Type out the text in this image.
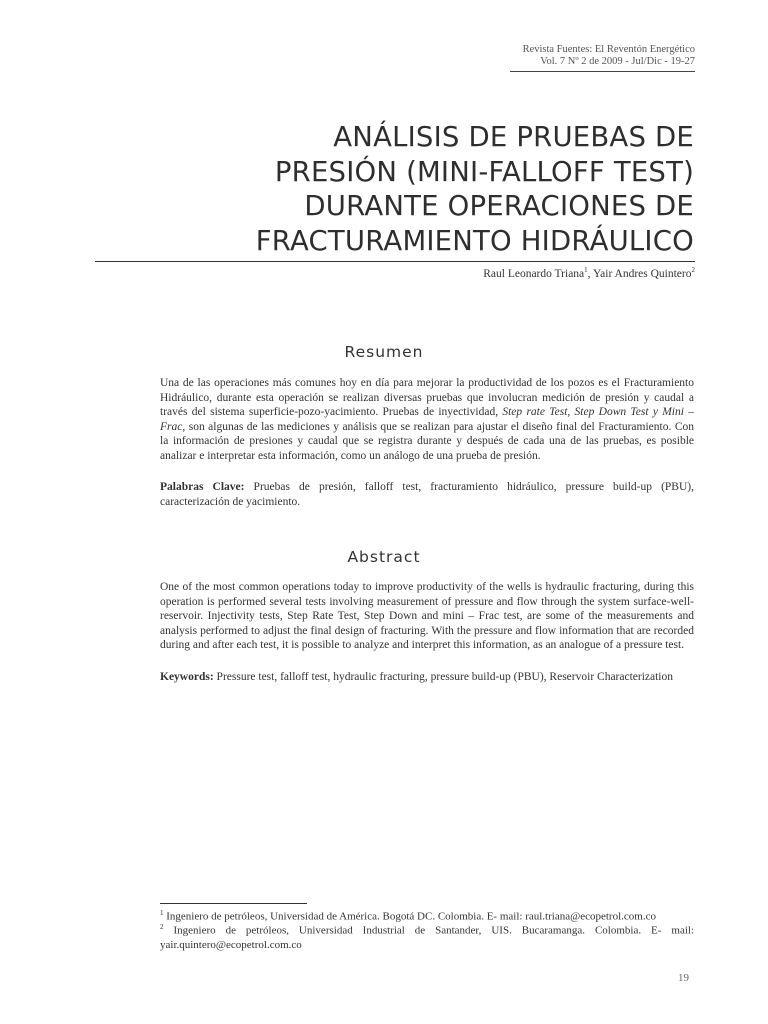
Revista Fuentes: El Reventón Energético
Vol. 7 Nº 2 de 2009 - Jul/Dic - 19-27
ANÁLISIS DE PRUEBAS DE
PRESIÓN (MINI-FALLOFF TEST)
DURANTE OPERACIONES DE
FRACTURAMIENTO HIDRÁULICO
Raul Leonardo Triana$^1$, Yair Andres Quintero$^2$
Resumen
Una de las operaciones más comunes hoy en día para mejorar la productividad de los pozos es el Fracturamiento Hidráulico, durante esta operación se realizan diversas pruebas que involucran medición de presión y caudal a través del sistema superficie-pozo-yacimiento. Pruebas de inyectividad, Step rate Test, Step Down Test y Mini – Frac, son algunas de las mediciones y análisis que se realizan para ajustar el diseño final del Fracturamiento. Con la información de presiones y caudal que se registra durante y después de cada una de las pruebas, es posible analizar e interpretar esta información, como un análogo de una prueba de presión.
Palabras Clave: Pruebas de presión, falloff test, fracturamiento hidráulico, pressure build-up (PBU), caracterización de yacimiento.
Abstract
One of the most common operations today to improve productivity of the wells is hydraulic fracturing, during this operation is performed several tests involving measurement of pressure and flow through the system surface-well-reservoir. Injectivity tests, Step Rate Test, Step Down and mini – Frac test, are some of the measurements and analysis performed to adjust the final design of fracturing. With the pressure and flow information that are recorded during and after each test, it is possible to analyze and interpret this information, as an analogue of a pressure test.
Keywords: Pressure test, falloff test, hydraulic fracturing, pressure build-up (PBU), Reservoir Characterization
$^1$ Ingeniero de petróleos, Universidad de América. Bogotá DC. Colombia. E- mail: raul.triana@ecopetrol.com.co
$^2$ Ingeniero de petróleos, Universidad Industrial de Santander, UIS. Bucaramanga. Colombia. E- mail: yair.quintero@ecopetrol.com.co
19
